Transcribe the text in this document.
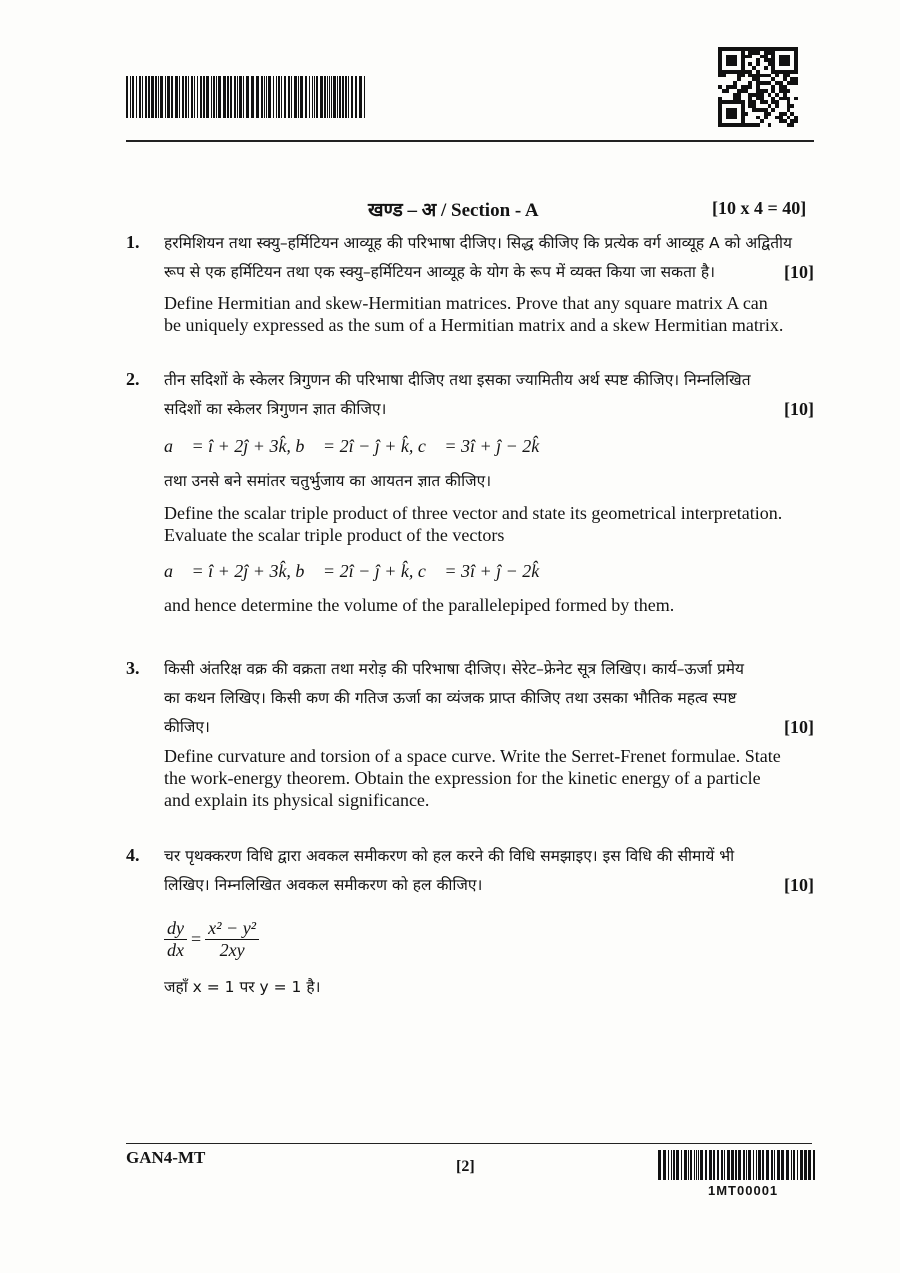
खण्ड – अ / Section - A	[10 x 4 = 40]
1. हरमिशियन तथा स्क्यु–हर्मिटियन आव्यूह की परिभाषा दीजिए। सिद्ध कीजिए कि प्रत्येक वर्ग आव्यूह A को अद्वितीय
रूप से एक हर्मिटियन तथा एक स्क्यु–हर्मिटियन आव्यूह के योग के रूप में व्यक्त किया जा सकता है।	[10]
Define Hermitian and skew-Hermitian matrices. Prove that any square matrix A can
be uniquely expressed as the sum of a Hermitian matrix and a skew Hermitian matrix.
2. तीन सदिशों के स्केलर त्रिगुणन की परिभाषा दीजिए तथा इसका ज्यामितीय अर्थ स्पष्ट कीजिए। निम्नलिखित
सदिशों का स्केलर त्रिगुणन ज्ञात कीजिए।	[10]
a⃗ = î + 2ĵ + 3k̂, b⃗ = 2î − ĵ + k̂, c⃗ = 3î + ĵ − 2k̂
तथा उनसे बने समांतर चतुर्भुजाय का आयतन ज्ञात कीजिए।
Define the scalar triple product of three vector and state its geometrical interpretation.
Evaluate the scalar triple product of the vectors
a⃗ = î + 2ĵ + 3k̂, b⃗ = 2î − ĵ + k̂, c⃗ = 3î + ĵ − 2k̂
and hence determine the volume of the parallelepiped formed by them.
3. किसी अंतरिक्ष वक्र की वक्रता तथा मरोड़ की परिभाषा दीजिए। सेरेट–फ्रेनेट सूत्र लिखिए। कार्य–ऊर्जा प्रमेय
का कथन लिखिए। किसी कण की गतिज ऊर्जा का व्यंजक प्राप्त कीजिए तथा उसका भौतिक महत्व स्पष्ट
कीजिए।	[10]
Define curvature and torsion of a space curve. Write the Serret-Frenet formulae. State
the work-energy theorem. Obtain the expression for the kinetic energy of a particle
and explain its physical significance.
4. चर पृथक्करण विधि द्वारा अवकल समीकरण को हल करने की विधि समझाइए। इस विधि की सीमायें भी
लिखिए। निम्नलिखित अवकल समीकरण को हल कीजिए।	[10]
$\frac{dy}{dx} = \frac{\text{x² − y²}}{2xy}$
जहाँ x = 1 पर y = 1 है।
GAN4-MT	[2]
1MT00001
